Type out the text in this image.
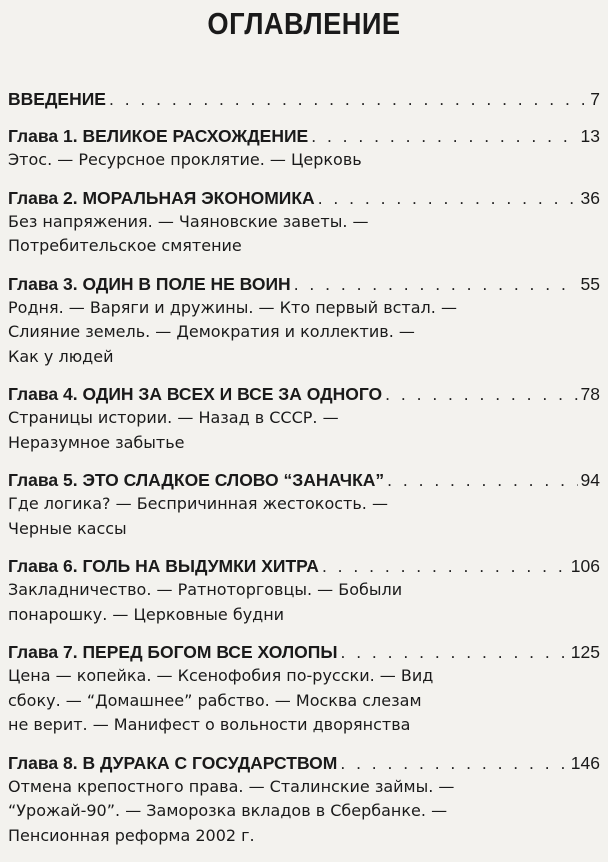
ОГЛАВЛЕНИЕ
ВВЕДЕНИЕ . . .	7
Глава 1. ВЕЛИКОЕ РАСХОЖДЕНИЕ . . .	13
Этос. — Ресурсное проклятие. — Церковь
Глава 2. МОРАЛЬНАЯ ЭКОНОМИКА . . .	36
Без напряжения. — Чаяновские заветы. —
Потребительское смятение
Глава 3. ОДИН В ПОЛЕ НЕ ВОИН . . .	55
Родня. — Варяги и дружины. — Кто первый встал. —
Слияние земель. — Демократия и коллектив. —
Как у людей
Глава 4. ОДИН ЗА ВСЕХ И ВСЕ ЗА ОДНОГО . . .	78
Страницы истории. — Назад в СССР. —
Неразумное забытье
Глава 5. ЭТО СЛАДКОЕ СЛОВО “ЗАНАЧКА” . . .	94
Где логика? — Беспричинная жестокость. —
Черные кассы
Глава 6. ГОЛЬ НА ВЫДУМКИ ХИТРА . . .	106
Закладничество. — Ратноторговцы. — Бобыли
понарошку. — Церковные будни
Глава 7. ПЕРЕД БОГОМ ВСЕ ХОЛОПЫ . . .	125
Цена — копейка. — Ксенофобия по-русски. — Вид
сбоку. — “Домашнее” рабство. — Москва слезам
не верит. — Манифест о вольности дворянства
Глава 8. В ДУРАКА С ГОСУДАРСТВОМ . . .	146
Отмена крепостного права. — Сталинские займы. —
“Урожай-90”. — Заморозка вкладов в Сбербанке. —
Пенсионная реформа 2002 г.
